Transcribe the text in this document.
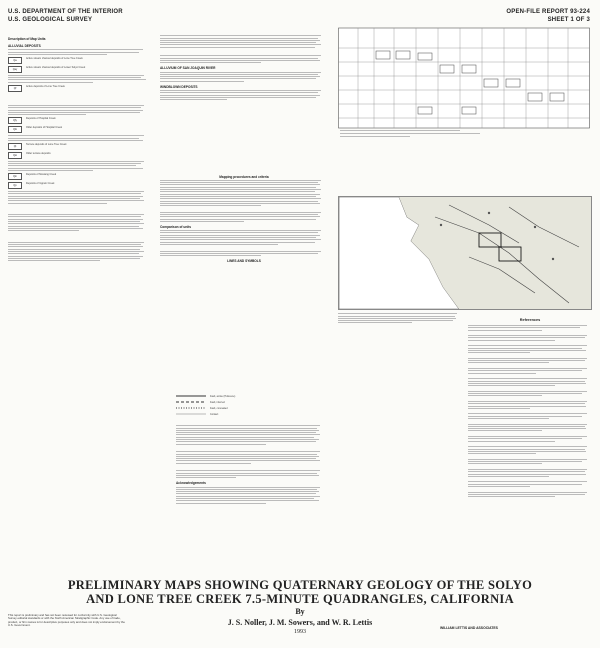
U.S. DEPARTMENT OF THE INTERIOR
U.S. GEOLOGICAL SURVEY
OPEN-FILE REPORT 93-224
SHEET 1 OF 3
Description of Map Units
ALLUVIAL DEPOSITS
Qa
Active stream channel deposits of Lone Tree Creek
Qay
Active stream channel deposits of Lower Solyo Creek
Qf
Active deposits of Lone Tree Creek
Qfy
Deposits of Hospital Creek
Qfo
Older deposits of Hospital Creek
Qt
Terrace deposits of Lone Tree Creek
Qto
Older terrace deposits
Qm
Deposits of Mustang Creek
Qp
Deposits of Ingram Creek
ALLUVIUM OF SAN JOAQUIN RIVER
WINDBLOWN DEPOSITS
Mapping procedures and criteria
Comparison of units
LINES AND SYMBOLS
Fault, active (Holocene)
Fault, inferred
Fault, concealed
Contact
Acknowledgements
References
PRELIMINARY MAPS SHOWING QUATERNARY GEOLOGY OF THE SOLYO
AND LONE TREE CREEK 7.5-MINUTE QUADRANGLES, CALIFORNIA
By
J. S. Noller, J. M. Sowers, and W. R. Lettis
1993
This report is preliminary and has not been reviewed for conformity with U.S. Geological Survey editorial standards or with the North American Stratigraphic Code. Any use of trade, product, or firm names is for descriptive purposes only and does not imply endorsement by the U.S. Government.
WILLIAM LETTIS AND ASSOCIATES
